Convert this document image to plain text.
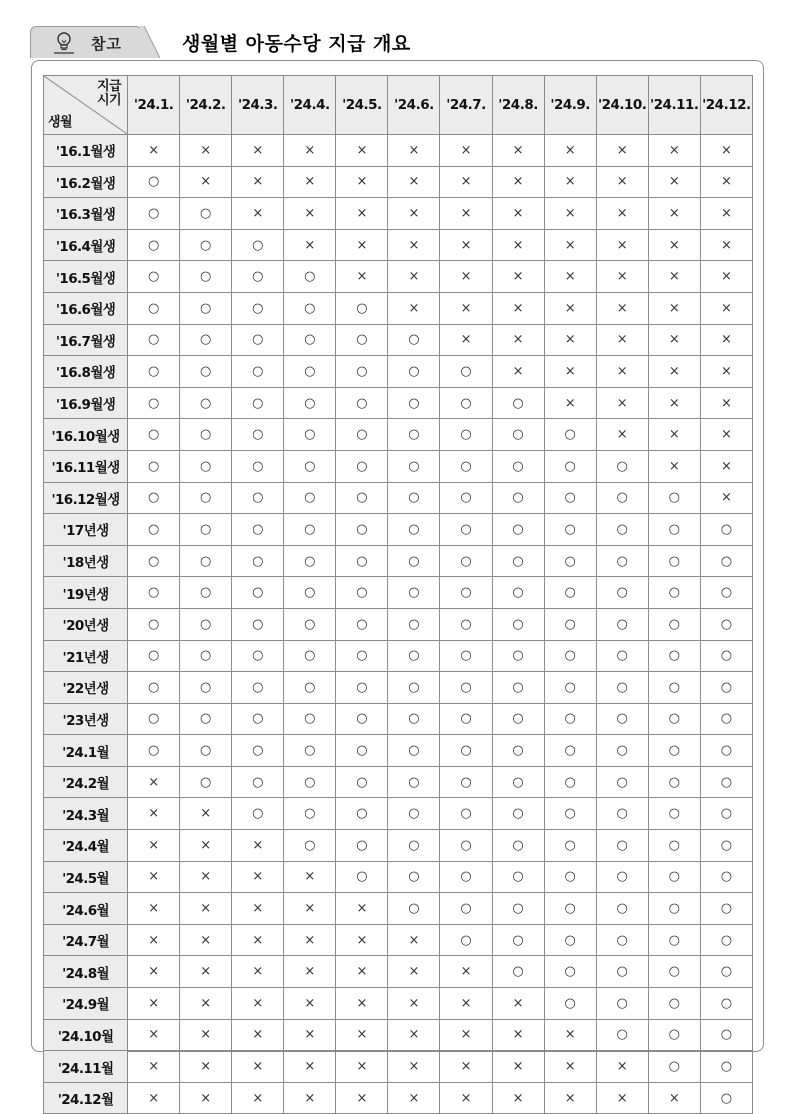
참고	생월별 아동수당 지급 개요
지급
시기
생월	'24.1.	'24.2.	'24.3.	'24.4.	'24.5.	'24.6.	'24.7.	'24.8.	'24.9.	'24.10.	'24.11.	'24.12.
'16.1월생	×	×	×	×	×	×	×	×	×	×	×	×
'16.2월생	○	×	×	×	×	×	×	×	×	×	×	×
'16.3월생	○	○	×	×	×	×	×	×	×	×	×	×
'16.4월생	○	○	○	×	×	×	×	×	×	×	×	×
'16.5월생	○	○	○	○	×	×	×	×	×	×	×	×
'16.6월생	○	○	○	○	○	×	×	×	×	×	×	×
'16.7월생	○	○	○	○	○	○	×	×	×	×	×	×
'16.8월생	○	○	○	○	○	○	○	×	×	×	×	×
'16.9월생	○	○	○	○	○	○	○	○	×	×	×	×
'16.10월생	○	○	○	○	○	○	○	○	○	×	×	×
'16.11월생	○	○	○	○	○	○	○	○	○	○	×	×
'16.12월생	○	○	○	○	○	○	○	○	○	○	○	×
'17년생	○	○	○	○	○	○	○	○	○	○	○	○
'18년생	○	○	○	○	○	○	○	○	○	○	○	○
'19년생	○	○	○	○	○	○	○	○	○	○	○	○
'20년생	○	○	○	○	○	○	○	○	○	○	○	○
'21년생	○	○	○	○	○	○	○	○	○	○	○	○
'22년생	○	○	○	○	○	○	○	○	○	○	○	○
'23년생	○	○	○	○	○	○	○	○	○	○	○	○
'24.1월	○	○	○	○	○	○	○	○	○	○	○	○
'24.2월	×	○	○	○	○	○	○	○	○	○	○	○
'24.3월	×	×	○	○	○	○	○	○	○	○	○	○
'24.4월	×	×	×	○	○	○	○	○	○	○	○	○
'24.5월	×	×	×	×	○	○	○	○	○	○	○	○
'24.6월	×	×	×	×	×	○	○	○	○	○	○	○
'24.7월	×	×	×	×	×	×	○	○	○	○	○	○
'24.8월	×	×	×	×	×	×	×	○	○	○	○	○
'24.9월	×	×	×	×	×	×	×	×	○	○	○	○
'24.10월	×	×	×	×	×	×	×	×	×	○	○	○
'24.11월	×	×	×	×	×	×	×	×	×	×	○	○
'24.12월	×	×	×	×	×	×	×	×	×	×	×	○
